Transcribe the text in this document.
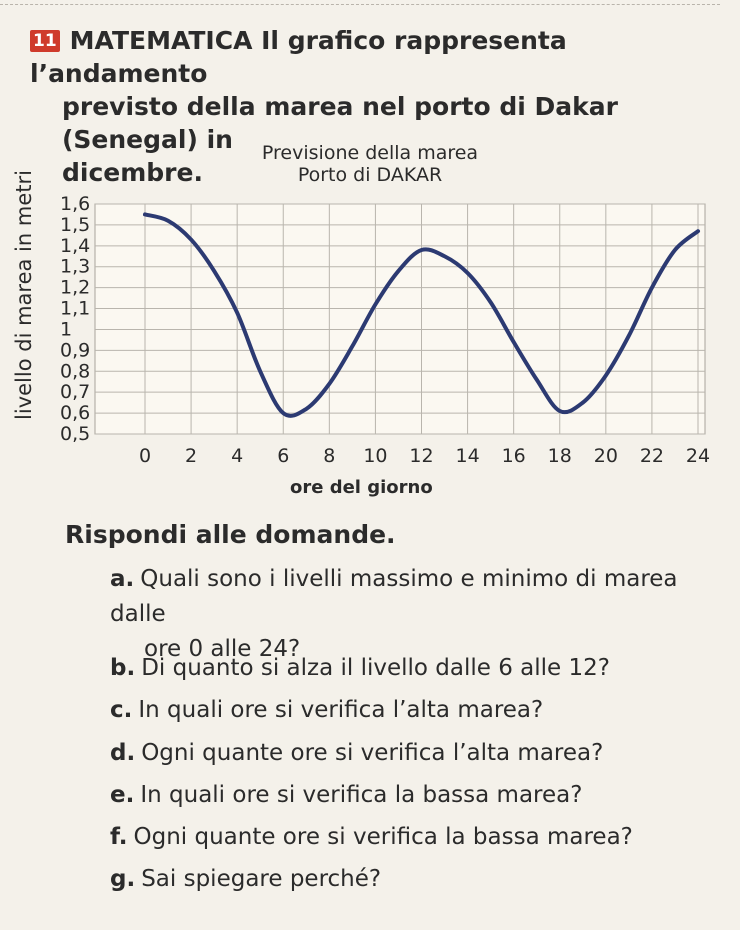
11 MATEMATICA Il grafico rappresenta l’andamento
previsto della marea nel porto di Dakar (Senegal) in
dicembre.
Previsione della marea
Porto di DAKAR
livello di marea in metri
0,5
0,6
0,7
0,8
0,9
1
1,1
1,2
1,3
1,4
1,5
1,6
0 2 4 6 8 10 12 14 16 18 20 22 24
ore del giorno
Rispondi alle domande.
a. Quali sono i livelli massimo e minimo di marea dalle
ore 0 alle 24?
b. Di quanto si alza il livello dalle 6 alle 12?
c. In quali ore si verifica l’alta marea?
d. Ogni quante ore si verifica l’alta marea?
e. In quali ore si verifica la bassa marea?
f. Ogni quante ore si verifica la bassa marea?
g. Sai spiegare perché?
